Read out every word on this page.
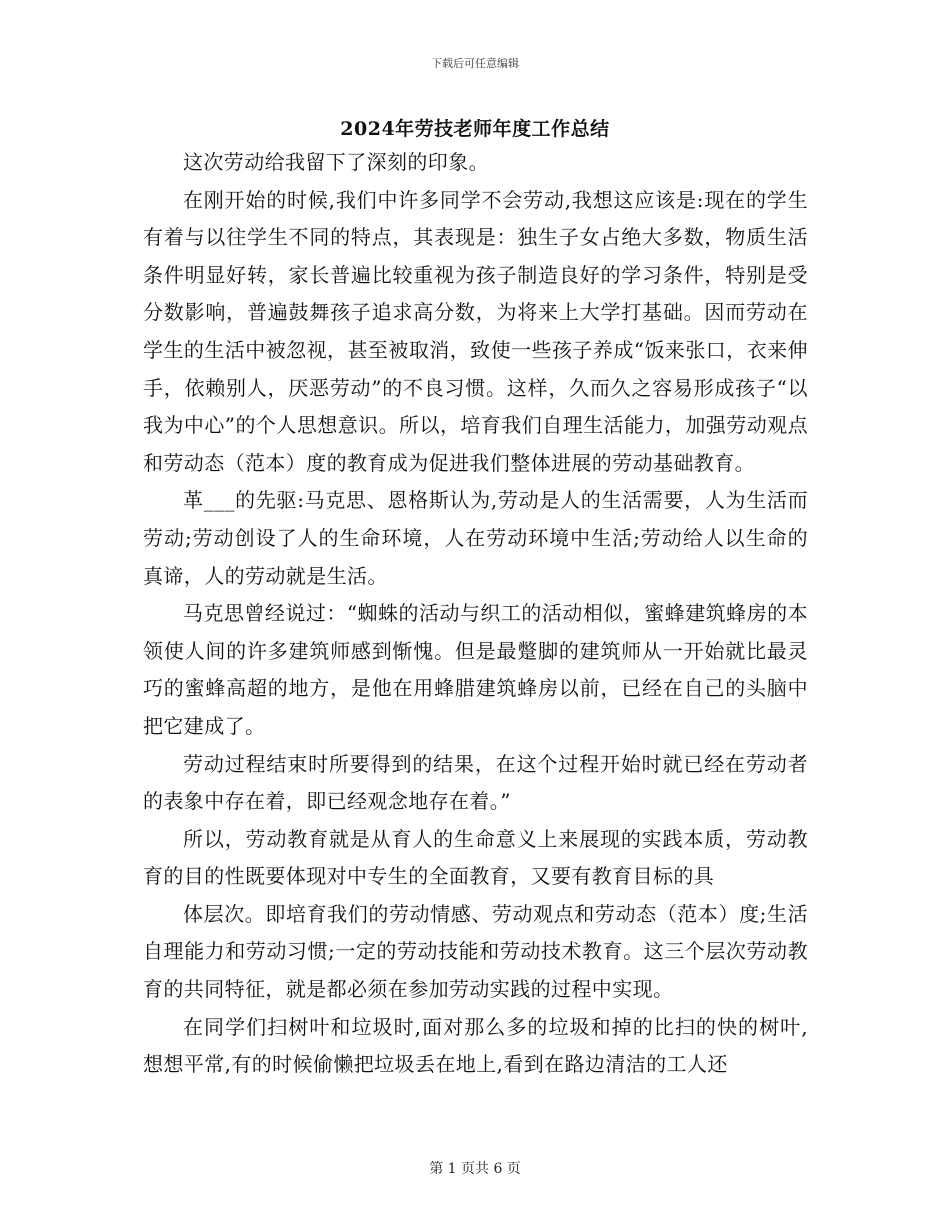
下载后可任意编辑
2024年劳技老师年度工作总结

这次劳动给我留下了深刻的印象。

在刚开始的时候,我们中许多同学不会劳动,我想这应该是:现在的学生有着与以往学生不同的特点，其表现是：独生子女占绝大多数，物质生活条件明显好转，家长普遍比较重视为孩子制造良好的学习条件，特别是受分数影响，普遍鼓舞孩子追求高分数，为将来上大学打基础。因而劳动在学生的生活中被忽视，甚至被取消，致使一些孩子养成“饭来张口，衣来伸手，依赖别人，厌恶劳动”的不良习惯。这样，久而久之容易形成孩子“以我为中心”的个人思想意识。所以，培育我们自理生活能力，加强劳动观点和劳动态（范本）度的教育成为促进我们整体进展的劳动基础教育。

革___的先驱:马克思、恩格斯认为,劳动是人的生活需要，人为生活而劳动;劳动创设了人的生命环境，人在劳动环境中生活;劳动给人以生命的真谛，人的劳动就是生活。

马克思曾经说过：“蜘蛛的活动与织工的活动相似，蜜蜂建筑蜂房的本领使人间的许多建筑师感到惭愧。但是最蹩脚的建筑师从一开始就比最灵巧的蜜蜂高超的地方，是他在用蜂腊建筑蜂房以前，已经在自己的头脑中把它建成了。

劳动过程结束时所要得到的结果，在这个过程开始时就已经在劳动者的表象中存在着，即已经观念地存在着。”

所以，劳动教育就是从育人的生命意义上来展现的实践本质，劳动教育的目的性既要体现对中专生的全面教育，又要有教育目标的具

体层次。即培育我们的劳动情感、劳动观点和劳动态（范本）度;生活自理能力和劳动习惯;一定的劳动技能和劳动技术教育。这三个层次劳动教育的共同特征，就是都必须在参加劳动实践的过程中实现。

在同学们扫树叶和垃圾时,面对那么多的垃圾和掉的比扫的快的树叶,想想平常,有的时候偷懒把垃圾丢在地上,看到在路边清洁的工人还

第 1 页共 6 页
